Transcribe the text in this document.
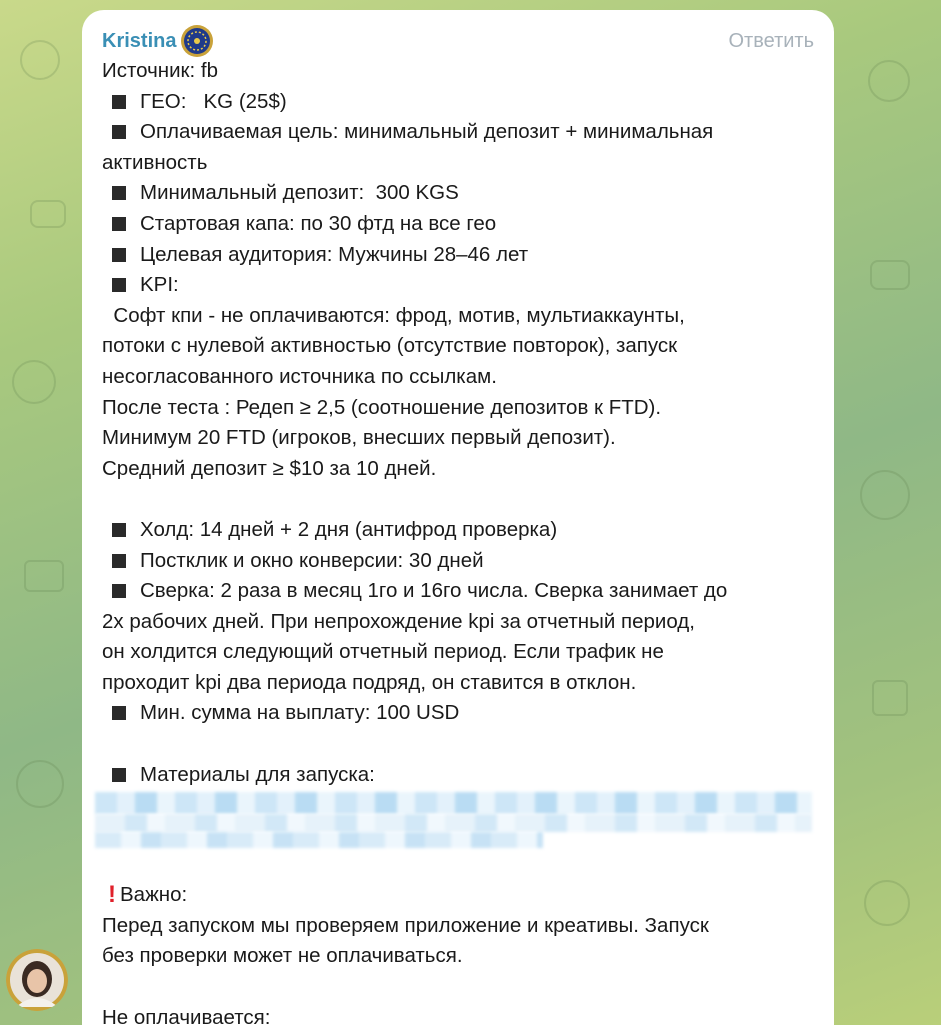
Kristina	Ответить
Источник: fb
ГЕО:   KG (25$)
Оплачиваемая цель: минимальный депозит + минимальная
активность
Минимальный депозит:  300 KGS
Стартовая капа: по 30 фтд на все гео
Целевая аудитория: Мужчины 28–46 лет
KPI:
Софт кпи - не оплачиваются: фрод, мотив, мультиаккаунты,
потоки с нулевой активностью (отсутствие повторок), запуск
несогласованного источника по ссылкам.
После теста : Редеп ≥ 2,5 (соотношение депозитов к FTD).
Минимум 20 FTD (игроков, внесших первый депозит).
Средний депозит ≥ $10 за 10 дней.
Холд: 14 дней + 2 дня (антифрод проверка)
Постклик и окно конверсии: 30 дней
Сверка: 2 раза в месяц 1го и 16го числа. Сверка занимает до
2х рабочих дней. При непрохождение kpi за отчетный период,
он холдится следующий отчетный период. Если трафик не
проходит kpi два периода подряд, он ставится в отклон.
Мин. сумма на выплату: 100 USD
Материалы для запуска:
! Важно:
Перед запуском мы проверяем приложение и креативы. Запуск
без проверки может не оплачиваться.
Не оплачивается:
